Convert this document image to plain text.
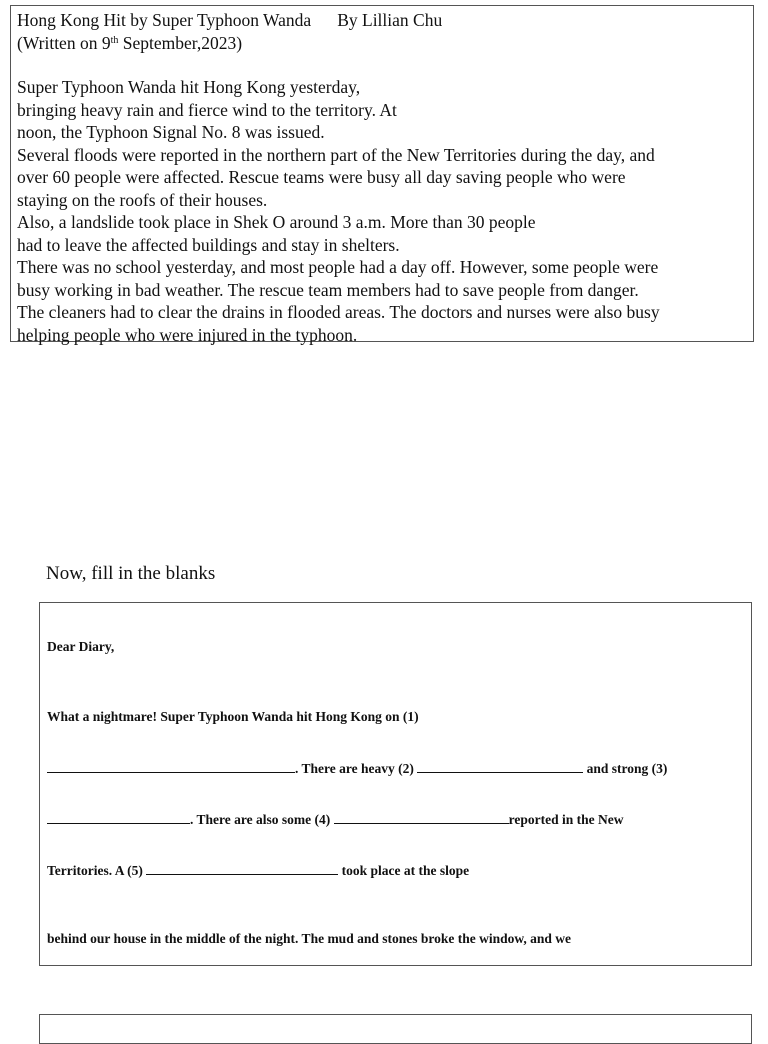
Hong Kong Hit by Super Typhoon Wanda By Lillian Chu

(Written on 9th September,2023)

Super Typhoon Wanda hit Hong Kong yesterday,

bringing heavy rain and fierce wind to the territory. At

noon, the Typhoon Signal No. 8 was issued.

Several floods were reported in the northern part of the New Territories during the day, and

over 60 people were affected. Rescue teams were busy all day saving people who were

staying on the roofs of their houses.

Also, a landslide took place in Shek O around 3 a.m. More than 30 people

had to leave the affected buildings and stay in shelters.

There was no school yesterday, and most people had a day off. However, some people were

busy working in bad weather. The rescue team members had to save people from danger.

The cleaners had to clear the drains in flooded areas. The doctors and nurses were also busy

helping people who were injured in the typhoon.

Now, fill in the blanks
Dear Diary,
What a nightmare! Super Typhoon Wanda hit Hong Kong on (1)
. There are heavy (2)	and strong (3)
. There are also some (4)	reported in the New
Territories. A (5)	took place at the slope
behind our house in the middle of the night. The mud and stones broke the window, and we
